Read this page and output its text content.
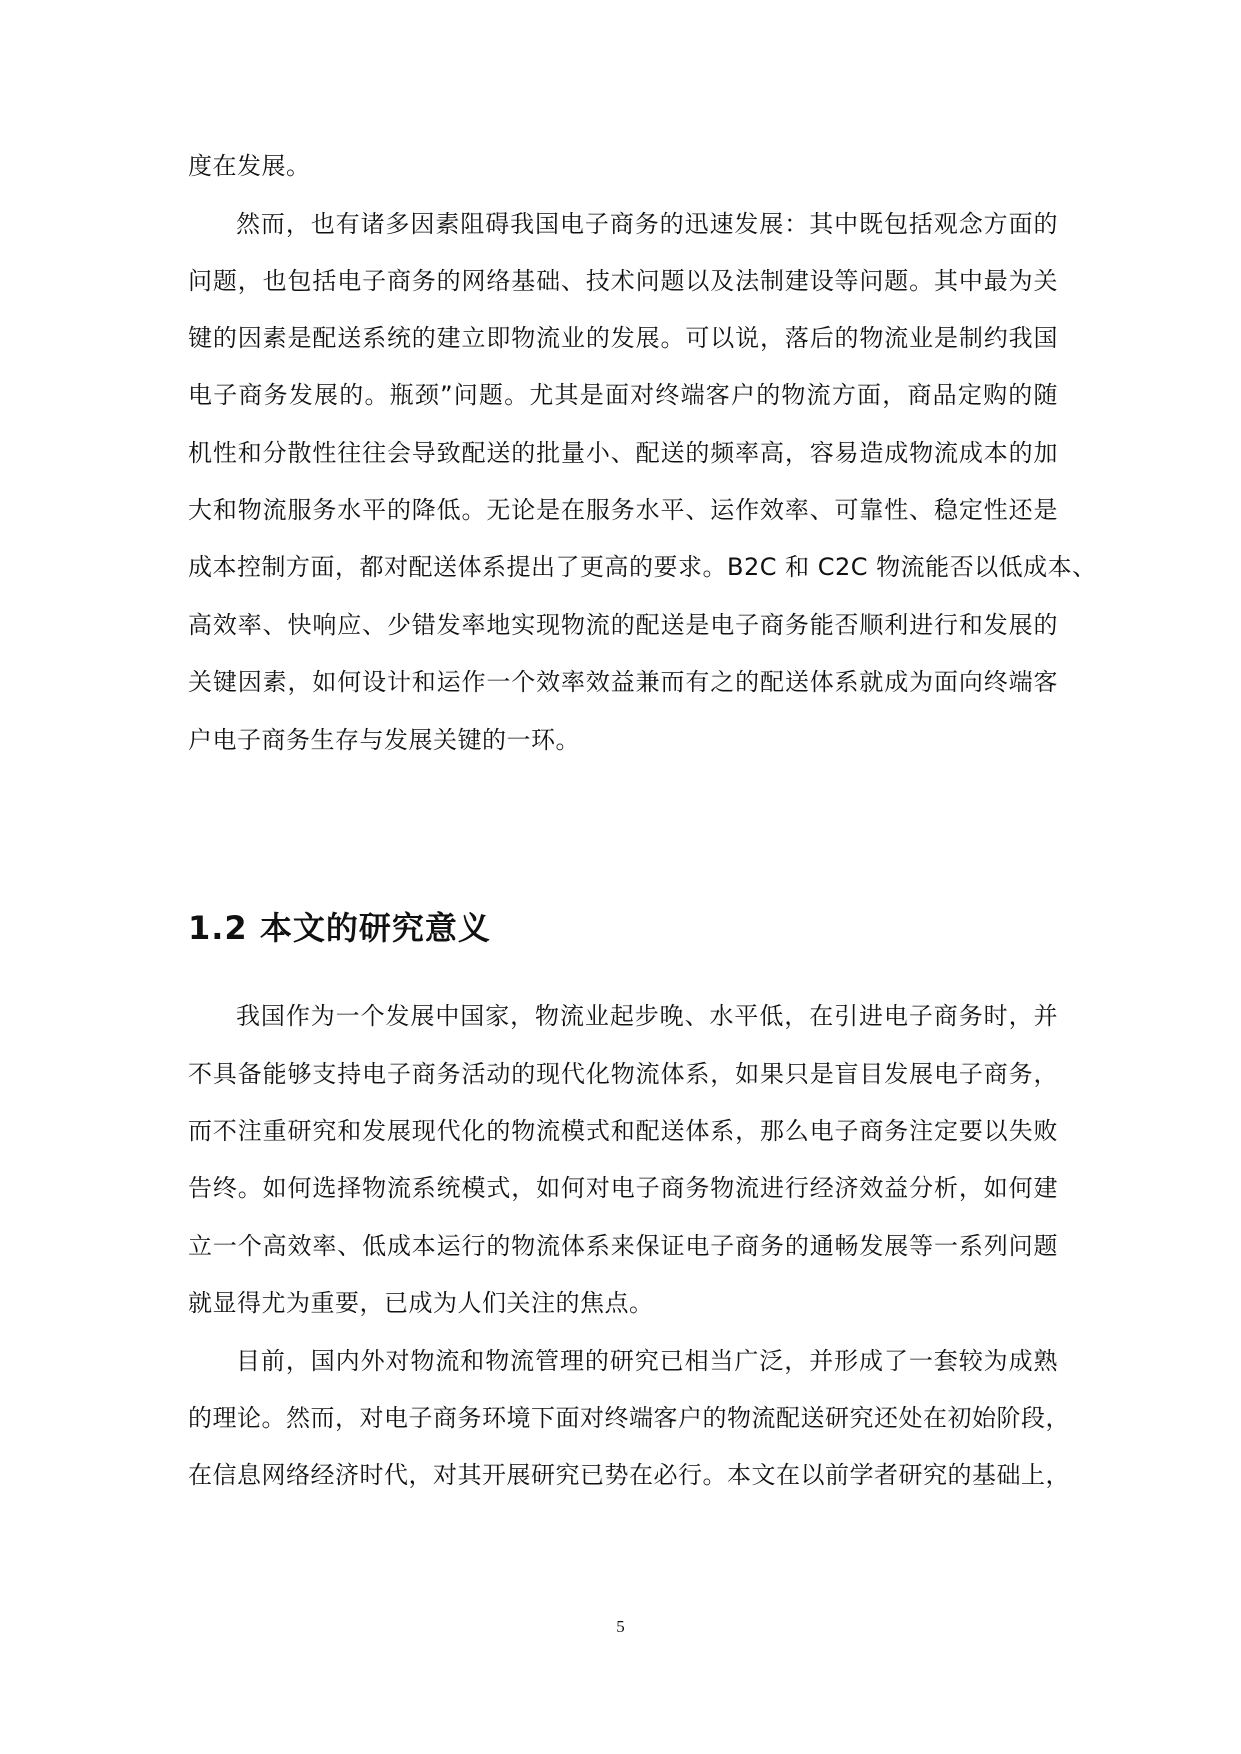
度在发展。
然而，也有诸多因素阻碍我国电子商务的迅速发展：其中既包括观念方面的
问题，也包括电子商务的网络基础、技术问题以及法制建设等问题。其中最为关
键的因素是配送系统的建立即物流业的发展。可以说，落后的物流业是制约我国
电子商务发展的。瓶颈”问题。尤其是面对终端客户的物流方面，商品定购的随
机性和分散性往往会导致配送的批量小、配送的频率高，容易造成物流成本的加
大和物流服务水平的降低。无论是在服务水平、运作效率、可靠性、稳定性还是
成本控制方面，都对配送体系提出了更高的要求。B2C 和 C2C 物流能否以低成本、
高效率、快响应、少错发率地实现物流的配送是电子商务能否顺利进行和发展的
关键因素，如何设计和运作一个效率效益兼而有之的配送体系就成为面向终端客
户电子商务生存与发展关键的一环。
1.2 本文的研究意义
我国作为一个发展中国家，物流业起步晚、水平低，在引进电子商务时，并
不具备能够支持电子商务活动的现代化物流体系，如果只是盲目发展电子商务，
而不注重研究和发展现代化的物流模式和配送体系，那么电子商务注定要以失败
告终。如何选择物流系统模式，如何对电子商务物流进行经济效益分析，如何建
立一个高效率、低成本运行的物流体系来保证电子商务的通畅发展等一系列问题
就显得尤为重要，已成为人们关注的焦点。
目前，国内外对物流和物流管理的研究已相当广泛，并形成了一套较为成熟
的理论。然而，对电子商务环境下面对终端客户的物流配送研究还处在初始阶段，
在信息网络经济时代，对其开展研究已势在必行。本文在以前学者研究的基础上，
5
